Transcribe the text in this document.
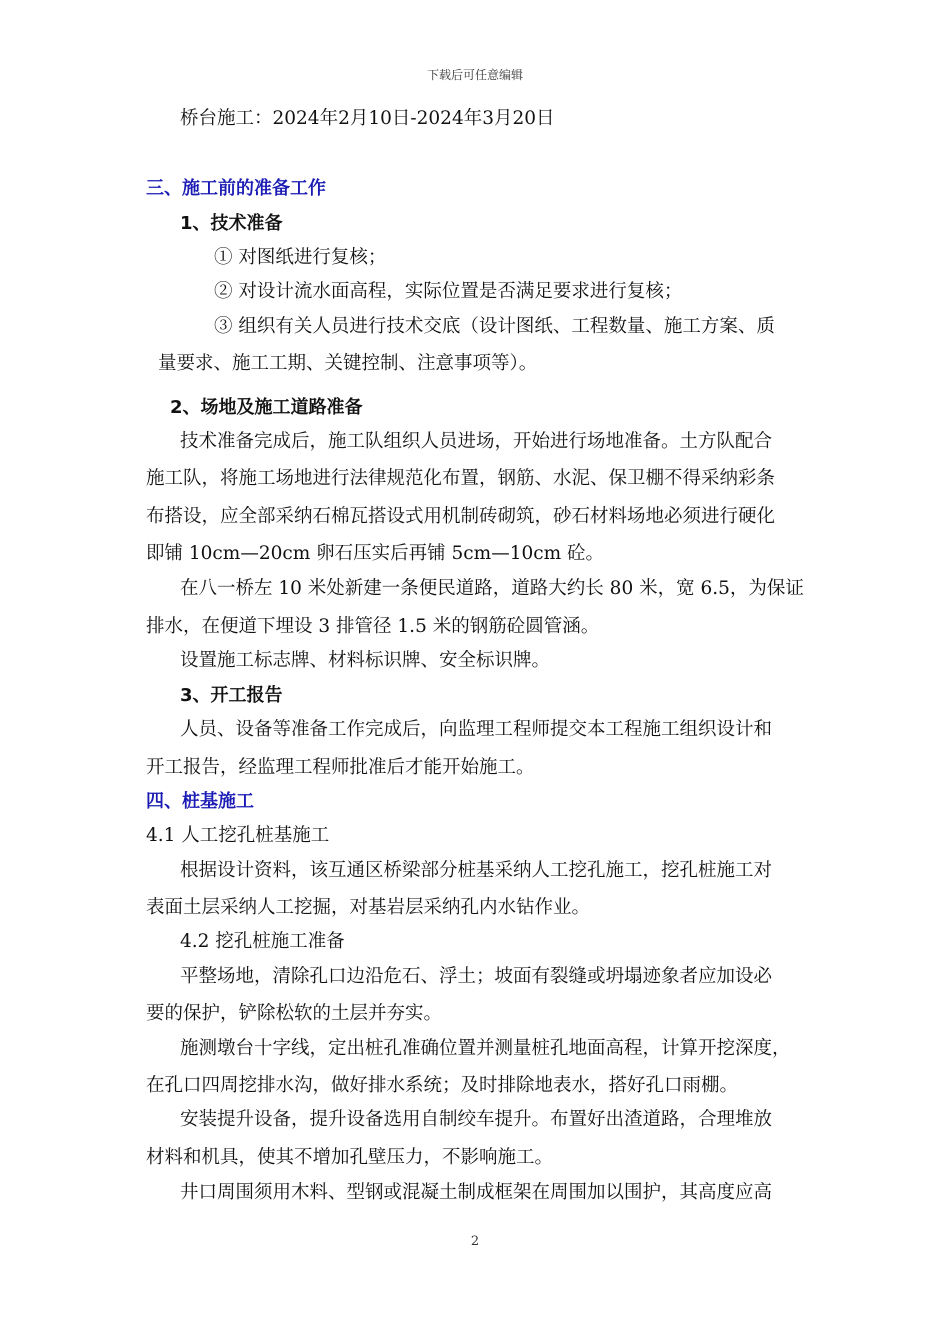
下载后可任意编辑
桥台施工：2024年2月10日-2024年3月20日
三、施工前的准备工作
1、技术准备
① 对图纸进行复核；
② 对设计流水面高程，实际位置是否满足要求进行复核；
③ 组织有关人员进行技术交底（设计图纸、工程数量、施工方案、质
量要求、施工工期、关键控制、注意事项等）。
2、场地及施工道路准备
技术准备完成后，施工队组织人员进场，开始进行场地准备。土方队配合
施工队，将施工场地进行法律规范化布置，钢筋、水泥、保卫棚不得采纳彩条
布搭设，应全部采纳石棉瓦搭设式用机制砖砌筑，砂石材料场地必须进行硬化
即铺 10cm—20cm 卵石压实后再铺 5cm—10cm 砼。
在八一桥左 10 米处新建一条便民道路，道路大约长 80 米，宽 6.5，为保证
排水，在便道下埋设 3 排管径 1.5 米的钢筋砼圆管涵。
设置施工标志牌、材料标识牌、安全标识牌。
3、开工报告
人员、设备等准备工作完成后，向监理工程师提交本工程施工组织设计和
开工报告，经监理工程师批准后才能开始施工。
四、桩基施工
4.1 人工挖孔桩基施工
根据设计资料，该互通区桥梁部分桩基采纳人工挖孔施工，挖孔桩施工对
表面土层采纳人工挖掘，对基岩层采纳孔内水钻作业。
4.2 挖孔桩施工准备
平整场地，清除孔口边沿危石、浮土；坡面有裂缝或坍塌迹象者应加设必
要的保护，铲除松软的土层并夯实。
施测墩台十字线，定出桩孔准确位置并测量桩孔地面高程，计算开挖深度，
在孔口四周挖排水沟，做好排水系统；及时排除地表水，搭好孔口雨棚。
安装提升设备，提升设备选用自制绞车提升。布置好出渣道路，合理堆放
材料和机具，使其不增加孔壁压力，不影响施工。
井口周围须用木料、型钢或混凝土制成框架在周围加以围护，其高度应高
2
